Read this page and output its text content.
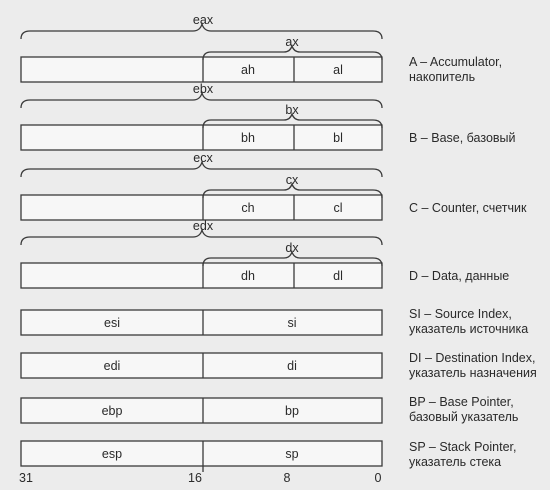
eax
ebx
ecx
edx
ax
bx
cx
dx
ah	al
bh	bl
ch	cl
dh	dl
esi	si
edi	di
ebp	bp
esp	sp
A – Accumulator,
накопитель
B – Base, базовый
C – Counter, счетчик
D – Data, данные
SI – Source Index,
указатель источника
DI – Destination Index,
указатель назначения
BP – Base Pointer,
базовый указатель
SP – Stack Pointer,
указатель стека
31	16	8	0
